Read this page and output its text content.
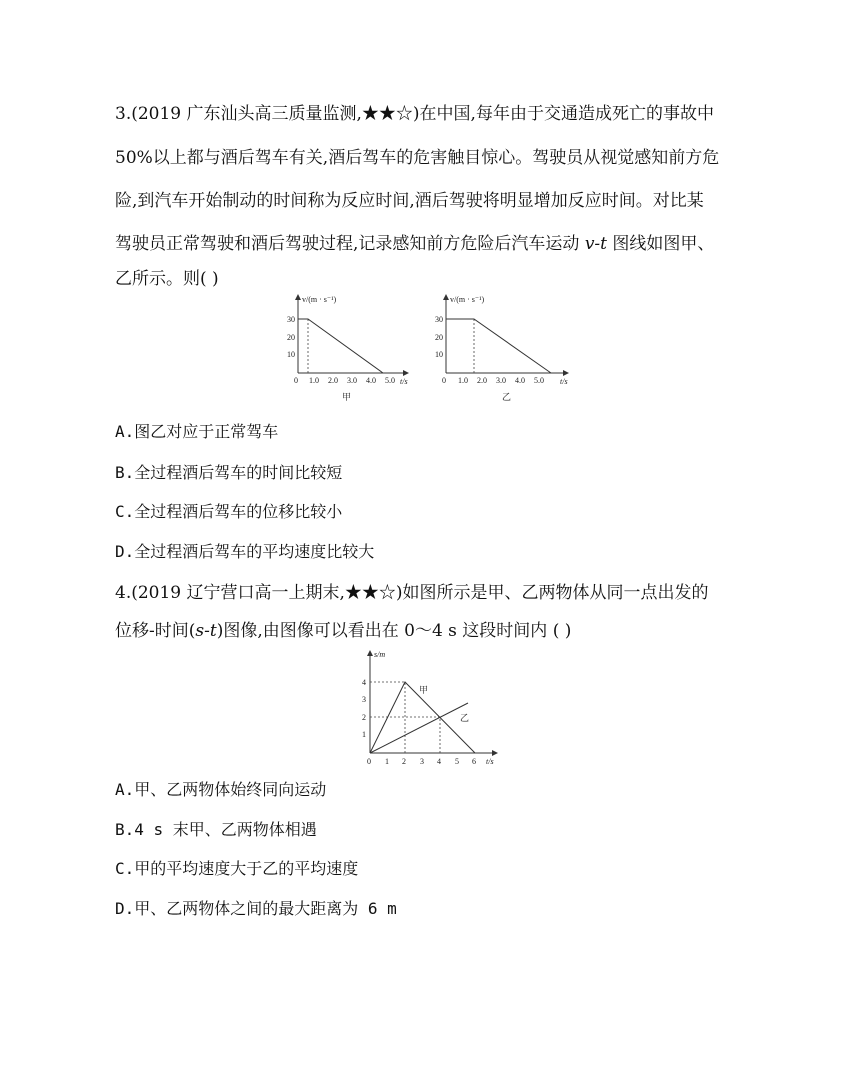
3.(2019 广东汕头高三质量监测,★★☆)在中国,每年由于交通造成死亡的事故中
50%以上都与酒后驾车有关,酒后驾车的危害触目惊心。驾驶员从视觉感知前方危
险,到汽车开始制动的时间称为反应时间,酒后驾驶将明显增加反应时间。对比某
驾驶员正常驾驶和酒后驾驶过程,记录感知前方危险后汽车运动 v-t 图线如图甲、
乙所示。则( )
v/(m · s⁻¹)
t/s
0 1.0 2.0 3.0 4.0 5.0
30
20
10
甲
v/(m · s⁻¹)
t/s
0 1.0 2.0 3.0 4.0 5.0
30
20
10
乙
A.图乙对应于正常驾车
B.全过程酒后驾车的时间比较短
C.全过程酒后驾车的位移比较小
D.全过程酒后驾车的平均速度比较大
4.(2019 辽宁营口高一上期末,★★☆)如图所示是甲、乙两物体从同一点出发的
位移-时间(s-t)图像,由图像可以看出在 0～4 s 这段时间内 ( )
s/m
t/s
0 1 2 3 4 5 6
4
3
2
1
甲
乙
A.甲、乙两物体始终同向运动
B.4 s 末甲、乙两物体相遇
C.甲的平均速度大于乙的平均速度
D.甲、乙两物体之间的最大距离为 6 m
